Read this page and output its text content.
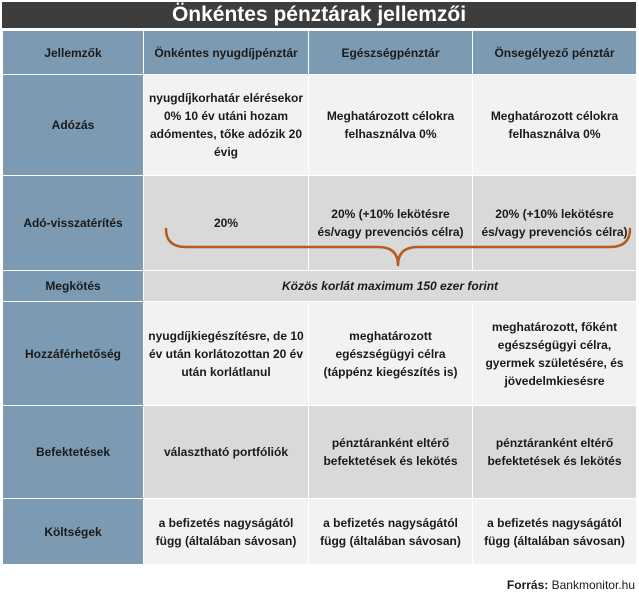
Önkéntes pénztárak jellemzői
Jellemzők	Önkéntes nyugdíjpénztár	Egészségpénztár	Önsegélyező pénztár
Adózás	nyugdíjkorhatár elérésekor 0% 10 év utáni hozam adómentes, tőke adózik 20 évig	Meghatározott célokra felhasználva 0%	Meghatározott célokra felhasználva 0%
Adó-visszatérítés	20%	20% (+10% lekötésre és/vagy prevenciós célra)	20% (+10% lekötésre és/vagy prevenciós célra)
Megkötés	Közös korlát maximum 150 ezer forint		
Hozzáférhetőség	nyugdíjkiegészítésre, de 10 év után korlátozottan 20 év után korlátlanul	meghatározott egészségügyi célra (táppénz kiegészítés is)	meghatározott, főként egészségügyi célra, gyermek születésére, és jövedelmkiesésre
Befektetések	választható portfóliók	pénztáranként eltérő befektetések és lekötés	pénztáranként eltérő befektetések és lekötés
Költségek	a befizetés nagyságától függ (általában sávosan)	a befizetés nagyságától függ (általában sávosan)	a befizetés nagyságától függ (általában sávosan)
Forrás: Bankmonitor.hu
